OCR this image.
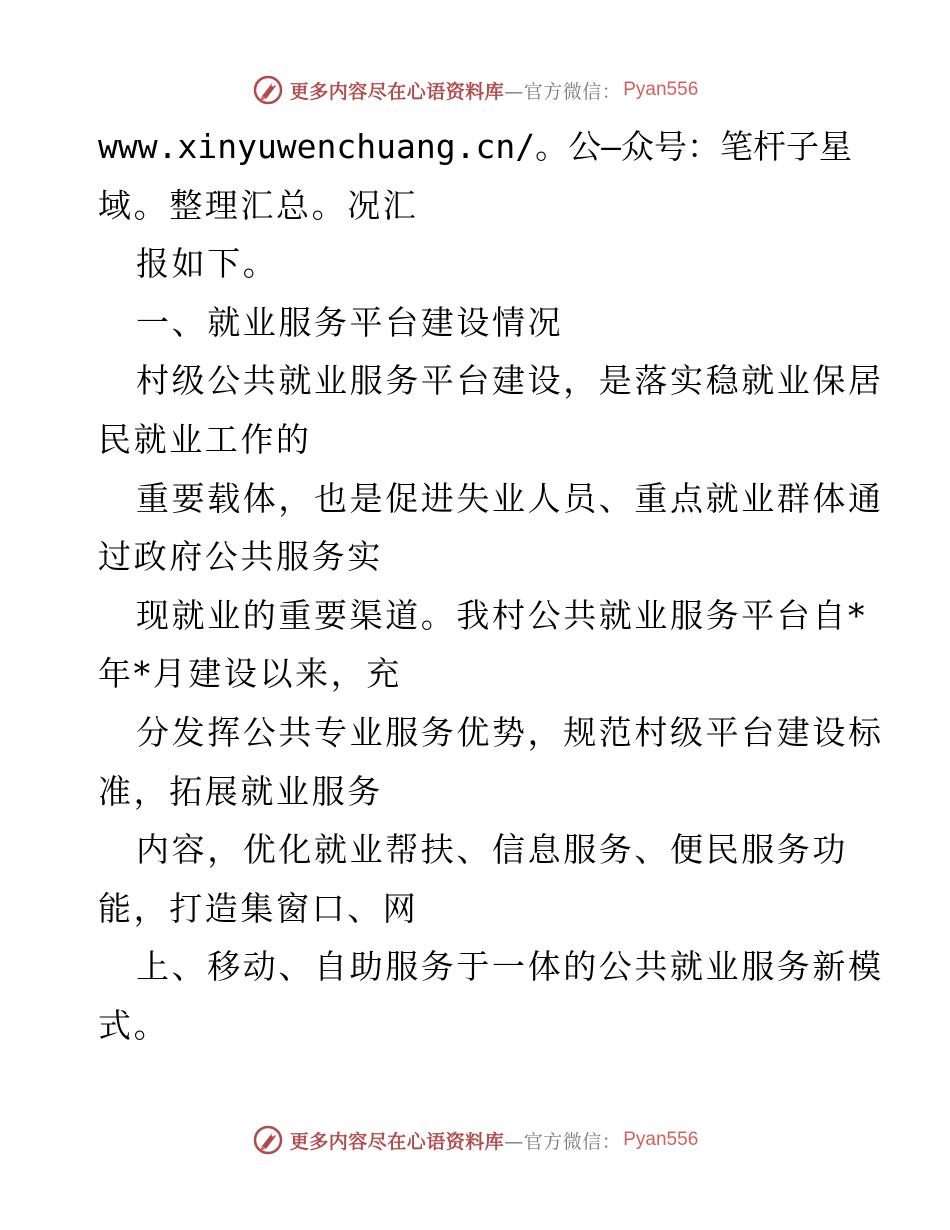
更多内容尽在心语资料库 —官方微信： Pyan556
www.xinyuwenchuang.cn/。公—众号：笔杆子星
域。整理汇总。况汇
报如下。
一、就业服务平台建设情况
村级公共就业服务平台建设，是落实稳就业保居
民就业工作的
重要载体，也是促进失业人员、重点就业群体通
过政府公共服务实
现就业的重要渠道。我村公共就业服务平台自*
年*月建设以来，充
分发挥公共专业服务优势，规范村级平台建设标
准，拓展就业服务
内容，优化就业帮扶、信息服务、便民服务功
能，打造集窗口、网
上、移动、自助服务于一体的公共就业服务新模
式。
更多内容尽在心语资料库 —官方微信： Pyan556
